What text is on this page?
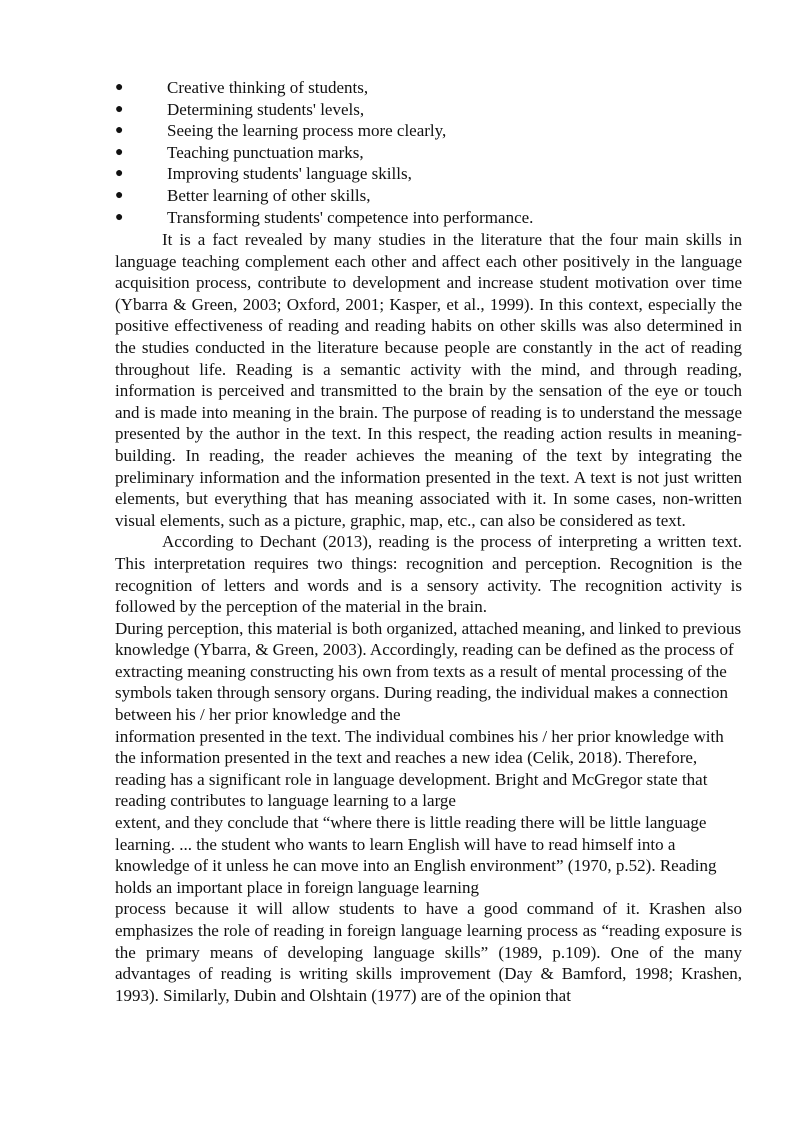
●	Creative thinking of students,
●	Determining students' levels,
●	Seeing the learning process more clearly,
●	Teaching punctuation marks,
●	Improving students' language skills,
●	Better learning of other skills,
●	Transforming students' competence into performance.

It is a fact revealed by many studies in the literature that the four main skills in language teaching complement each other and affect each other positively in the language acquisition process, contribute to development and increase student motivation over time (Ybarra & Green, 2003; Oxford, 2001; Kasper, et al., 1999). In this context, especially the positive effectiveness of reading and reading habits on other skills was also determined in the studies conducted in the literature because people are constantly in the act of reading throughout life. Reading is a semantic activity with the mind, and through reading, information is perceived and transmitted to the brain by the sensation of the eye or touch and is made into meaning in the brain. The purpose of reading is to understand the message presented by the author in the text. In this respect, the reading action results in meaning-building. In reading, the reader achieves the meaning of the text by integrating the preliminary information and the information presented in the text. A text is not just written elements, but everything that has meaning associated with it. In some cases, non-written visual elements, such as a picture, graphic, map, etc., can also be considered as text.

According to Dechant (2013), reading is the process of interpreting a written text. This interpretation requires two things: recognition and perception. Recognition is the recognition of letters and words and is a sensory activity. The recognition activity is followed by the perception of the material in the brain.

During perception, this material is both organized, attached meaning, and linked to previous knowledge (Ybarra, & Green, 2003). Accordingly, reading can be defined as the process of extracting meaning constructing his own from texts as a result of mental processing of the symbols taken through sensory organs. During reading, the individual makes a connection between his / her prior knowledge and the

information presented in the text. The individual combines his / her prior knowledge with the information presented in the text and reaches a new idea (Celik, 2018). Therefore, reading has a significant role in language development. Bright and McGregor state that reading contributes to language learning to a large

extent, and they conclude that “where there is little reading there will be little language learning. ... the student who wants to learn English will have to read himself into a knowledge of it unless he can move into an English environment” (1970, p.52). Reading holds an important place in foreign language learning

process because it will allow students to have a good command of it. Krashen also emphasizes the role of reading in foreign language learning process as “reading exposure is the primary means of developing language skills” (1989, p.109). One of the many advantages of reading is writing skills improvement (Day & Bamford, 1998; Krashen, 1993). Similarly, Dubin and Olshtain (1977) are of the opinion that
